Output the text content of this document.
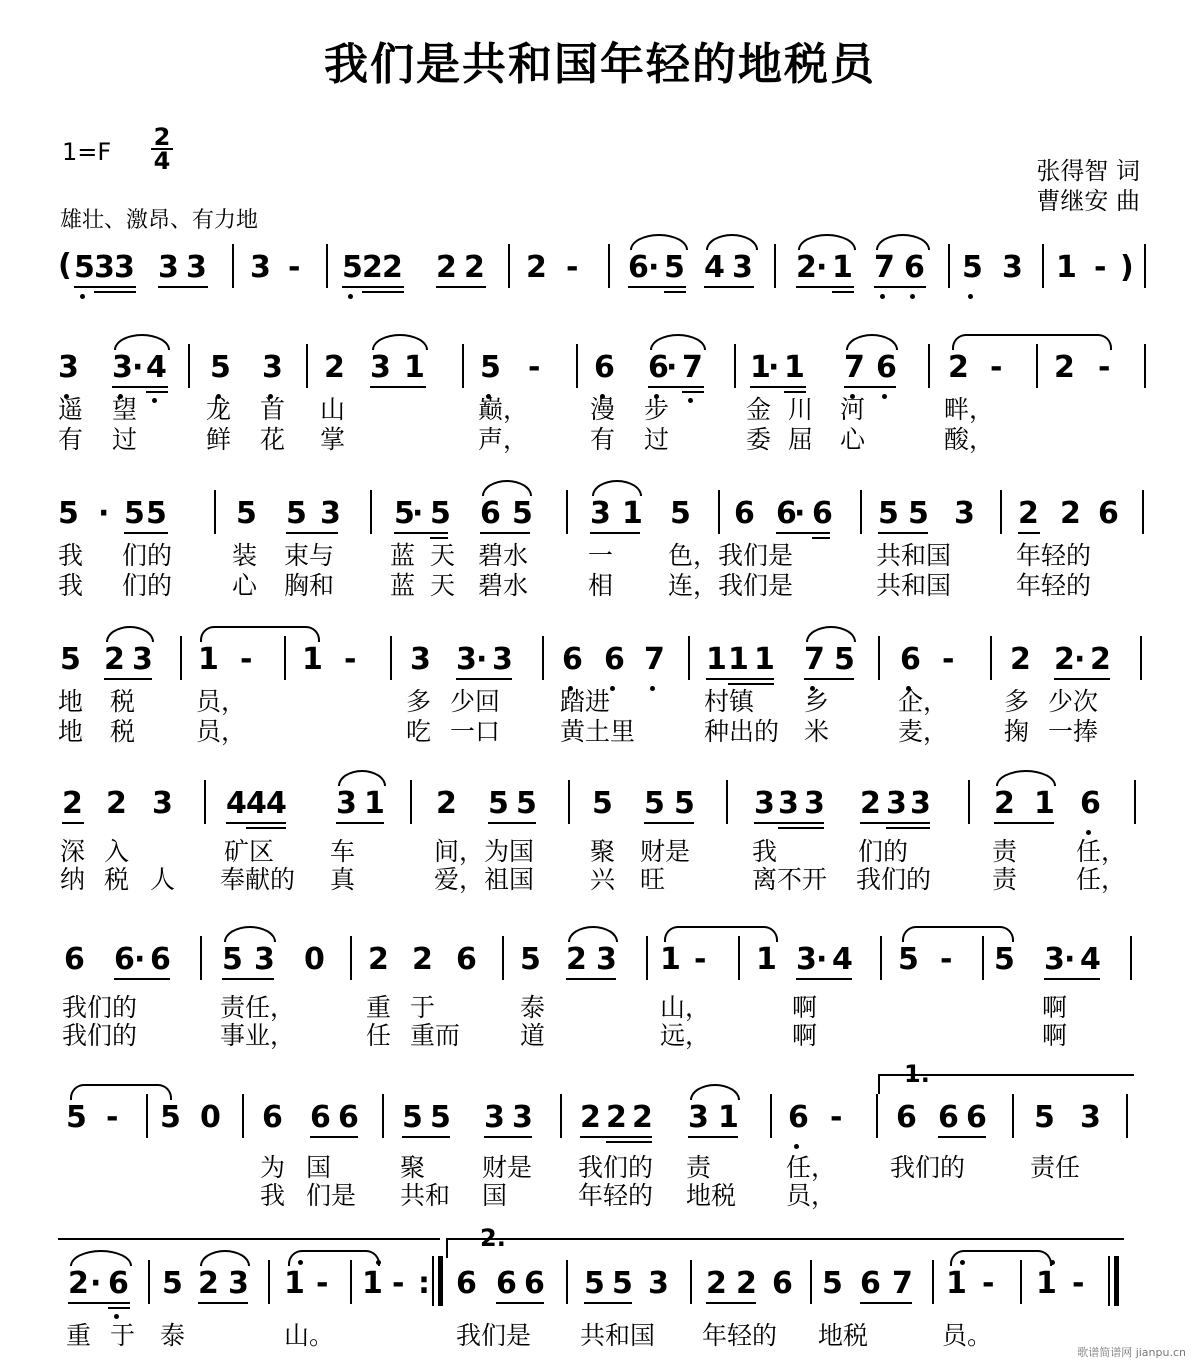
我们是共和国年轻的地税员
1=F
2
4
雄壮、激昂、有力地
张得智 词
曹继安 曲
( 5 3 3 3 3 3 - 5 2 2 2 2 2 - 6 · 5 4 3 2 · 1 7 6 5 3 1 - )
3 3 · 4 5 3 2 3 1 5 - 6 6
· 7 1
· 1 7 6 2 - 2 -
遥 望	龙 首 山	巅， 漫 步	金 川 河	畔，
有 过	鲜 花 掌	声， 有 过	委 屈 心	酸，
5 · 5 5 5 5 3 5
· 5 6 5 3 1 5 6 6
· 6 5 5 3 2 2 6
我 们的 装 束与 蓝 天 碧水 一 色，我们是	共和国	年轻的
我 们的 心 胸和 蓝 天 碧水 相 连，我们是	共和国	年轻的
5 2 3 1 - 1 - 3 3 · 3 6 6 7 1 1 1 7 5 6 - 2 2 · 2
地 税 员，	多 少回 踏进	村镇 乡	企， 多 少次
地 税 员，	吃 一口 黄土里	种出的 米	麦， 掬 一捧
2 2 3 4 4 4 3 1 2 5 5 5 5 5 3 3 3 2 3 3 2 1 6
深 入	矿区 车	间，为国 聚 财是 我	们的	责 任，
纳 税 人 奉献的 真	爱，祖国 兴 旺	离不开 我们的 责 任，
6 6 · 6 5 3 0 2 2 6 5 2 3 1 - 1 3 · 4 5 - 5 3 · 4
我们的	责任，	重 于	泰	山，	啊	啊
我们的	事业，	任 重而 道	远，	啊	啊
1.
5 - 5 0 6 6 6 5 5 3 3 2 2 2 3 1 6 - 6 6 6 5 3
为 国	聚 财是 我们的 责	任， 我们的	责任
我 们是 共和 国	年轻的 地税 员，
2.
2 · 6 5 2 3 1 - 1 - : 6 6 6 5 5 3 2 2 6 5 6 7 1 - 1 -
重 于 泰	山。	我们是 共和国 年轻的 地税	员。
歌谱简谱网 jianpu.cn
